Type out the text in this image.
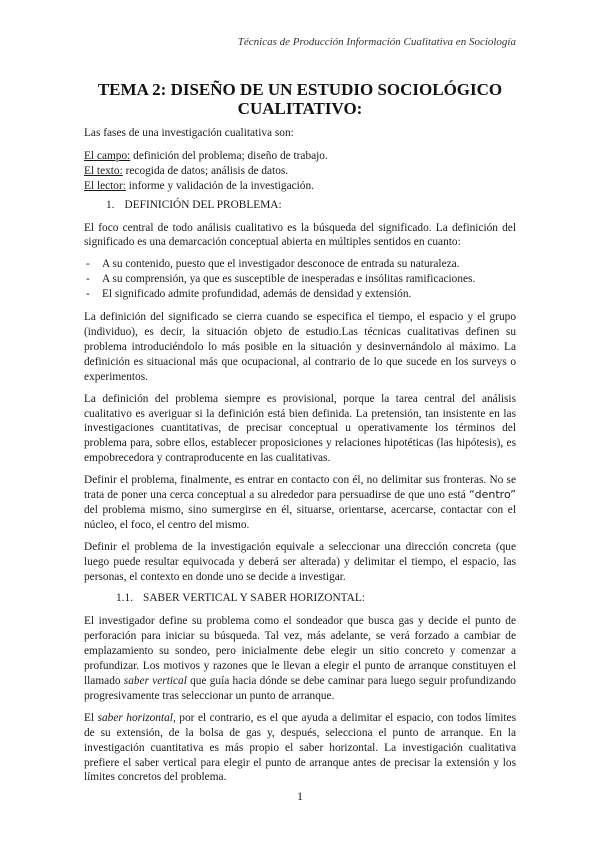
Técnicas de Producción Información Cualitativa en Sociología
TEMA 2: DISEÑO DE UN ESTUDIO SOCIOLÓGICO
CUALITATIVO:

Las fases de una investigación cualitativa son:

El campo: definición del problema; diseño de trabajo.
El texto: recogida de datos; análisis de datos.
El lector: informe y validación de la investigación.
1. DEFINICIÓN DEL PROBLEMA:

El foco central de todo análisis cualitativo es la búsqueda del significado. La definición del significado es una demarcación conceptual abierta en múltiples sentidos en cuanto:

- A su contenido, puesto que el investigador desconoce de entrada su naturaleza.
- A su comprensión, ya que es susceptible de inesperadas e insólitas ramificaciones.
- El significado admite profundidad, además de densidad y extensión.

La definición del significado se cierra cuando se especifica el tiempo, el espacio y el grupo (individuo), es decir, la situación objeto de estudio.Las técnicas cualitativas definen su problema introduciéndolo lo más posible en la situación y desinvernándolo al máximo. La definición es situacional más que ocupacional, al contrario de lo que sucede en los surveys o experimentos.

La definición del problema siempre es provisional, porque la tarea central del análisis cualitativo es averiguar si la definición está bien definida. La pretensión, tan insistente en las investigaciones cuantitativas, de precisar conceptual u operativamente los términos del problema para, sobre ellos, establecer proposiciones y relaciones hipotéticas (las hipótesis), es empobrecedora y contraproducente en las cualitativas.

Definir el problema, finalmente, es entrar en contacto con él, no delimitar sus fronteras. No se trata de poner una cerca conceptual a su alrededor para persuadirse de que uno está “dentro” del problema mismo, sino sumergirse en él, situarse, orientarse, acercarse, contactar con el núcleo, el foco, el centro del mismo.

Definir el problema de la investigación equivale a seleccionar una dirección concreta (que luego puede resultar equivocada y deberá ser alterada) y delimitar el tiempo, el espacio, las personas, el contexto en donde uno se decide a investigar.

1.1. SABER VERTICAL Y SABER HORIZONTAL:

El investigador define su problema como el sondeador que busca gas y decide el punto de perforación para iniciar su búsqueda. Tal vez, más adelante, se verá forzado a cambiar de emplazamiento su sondeo, pero inicialmente debe elegir un sitio concreto y comenzar a profundizar. Los motivos y razones que le llevan a elegir el punto de arranque constituyen el llamado saber vertical que guía hacia dónde se debe caminar para luego seguir profundizando progresivamente tras seleccionar un punto de arranque.

El saber horizontal, por el contrario, es el que ayuda a delimitar el espacio, con todos límites de su extensión, de la bolsa de gas y, después, selecciona el punto de arranque. En la investigación cuantitativa es más propio el saber horizontal. La investigación cualitativa prefiere el saber vertical para elegir el punto de arranque antes de precisar la extensión y los límites concretos del problema.

1
